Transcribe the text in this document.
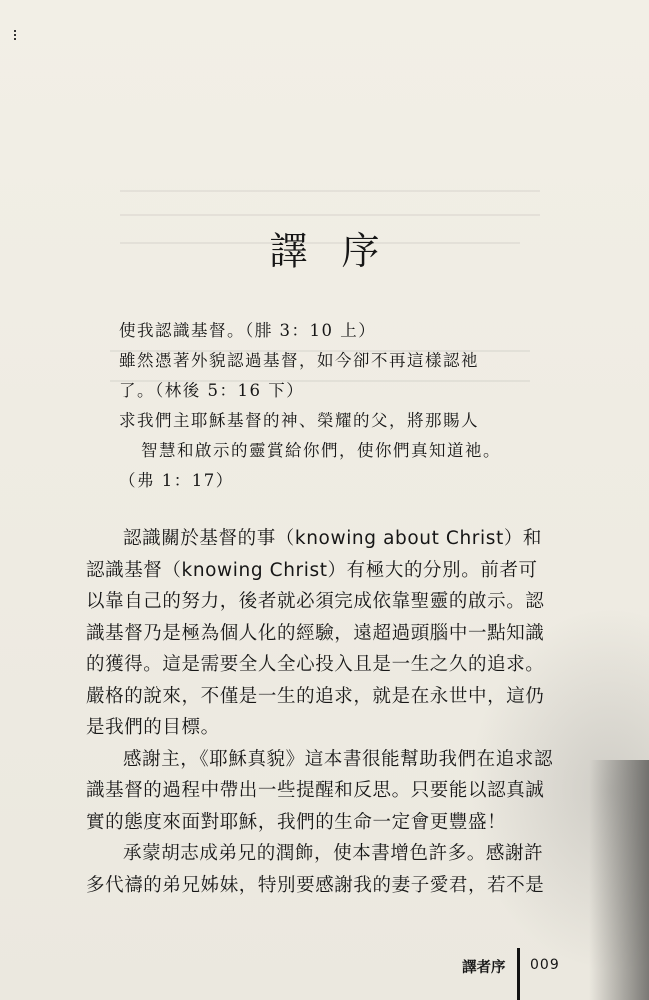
譯序

使我認識基督。（腓 3：10 上）

雖然憑著外貌認過基督，如今卻不再這樣認祂

了。（林後 5：16 下）

求我們主耶穌基督的神、榮耀的父，將那賜人

智慧和啟示的靈賞給你們，使你們真知道祂。

（弗 1：17）

認識關於基督的事（knowing about Christ）和認識基督（knowing Christ）有極大的分別。前者可以靠自己的努力，後者就必須完成依靠聖靈的啟示。認識基督乃是極為個人化的經驗，遠超過頭腦中一點知識的獲得。這是需要全人全心投入且是一生之久的追求。嚴格的說來，不僅是一生的追求，就是在永世中，這仍是我們的目標。

感謝主，《耶穌真貌》這本書很能幫助我們在追求認識基督的過程中帶出一些提醒和反思。只要能以認真誠實的態度來面對耶穌，我們的生命一定會更豐盛！

承蒙胡志成弟兄的潤飾，使本書增色許多。感謝許多代禱的弟兄姊妹，特別要感謝我的妻子愛君，若不是

譯者序 009
